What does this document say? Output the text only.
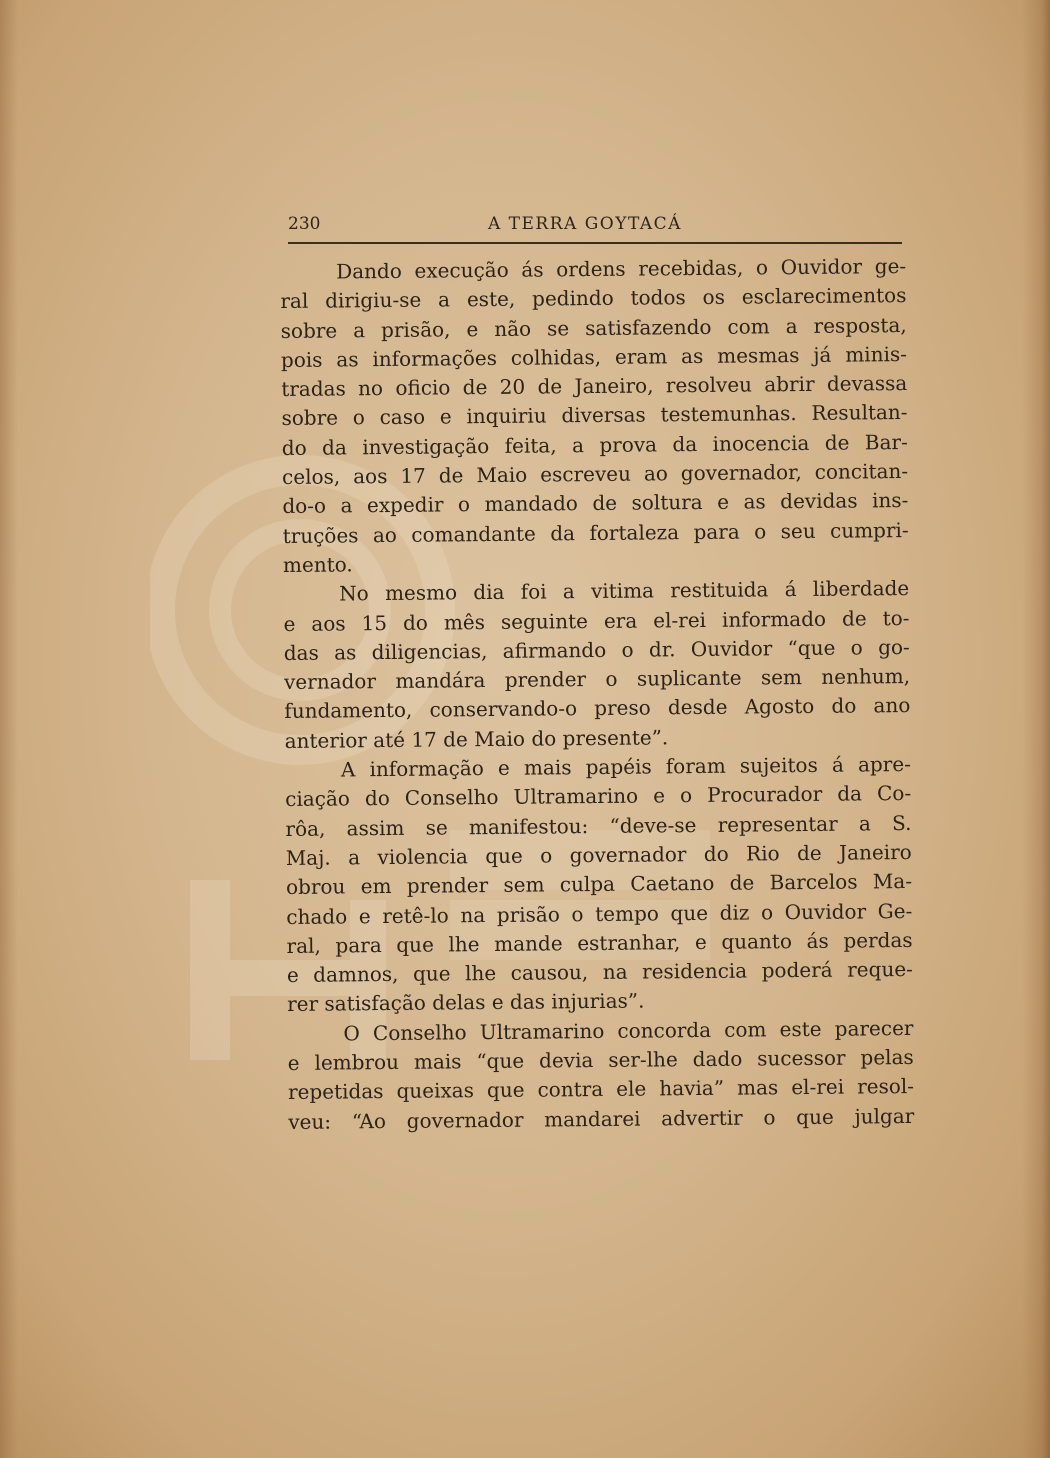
230	A TERRA GOYTACÁ
Dando execução ás ordens recebidas, o Ouvidor ge-
ral dirigiu-se a este, pedindo todos os esclarecimentos
sobre a prisão, e não se satisfazendo com a resposta,
pois as informações colhidas, eram as mesmas já minis-
tradas no oficio de 20 de Janeiro, resolveu abrir devassa
sobre o caso e inquiriu diversas testemunhas. Resultan-
do da investigação feita, a prova da inocencia de Bar-
celos, aos 17 de Maio escreveu ao governador, concitan-
do-o a expedir o mandado de soltura e as devidas ins-
truções ao comandante da fortaleza para o seu cumpri-
mento.
No mesmo dia foi a vitima restituida á liberdade
e aos 15 do mês seguinte era el-rei informado de to-
das as diligencias, afirmando o dr. Ouvidor “que o go-
vernador mandára prender o suplicante sem nenhum,
fundamento, conservando-o preso desde Agosto do ano
anterior até 17 de Maio do presente”.
A informação e mais papéis foram sujeitos á apre-
ciação do Conselho Ultramarino e o Procurador da Co-
rôa, assim se manifestou: “deve-se representar a S.
Maj. a violencia que o governador do Rio de Janeiro
obrou em prender sem culpa Caetano de Barcelos Ma-
chado e retê-lo na prisão o tempo que diz o Ouvidor Ge-
ral, para que lhe mande estranhar, e quanto ás perdas
e damnos, que lhe causou, na residencia poderá reque-
rer satisfação delas e das injurias”.
O Conselho Ultramarino concorda com este parecer
e lembrou mais “que devia ser-lhe dado sucessor pelas
repetidas queixas que contra ele havia” mas el-rei resol-
veu: “Ao governador mandarei advertir o que julgar
